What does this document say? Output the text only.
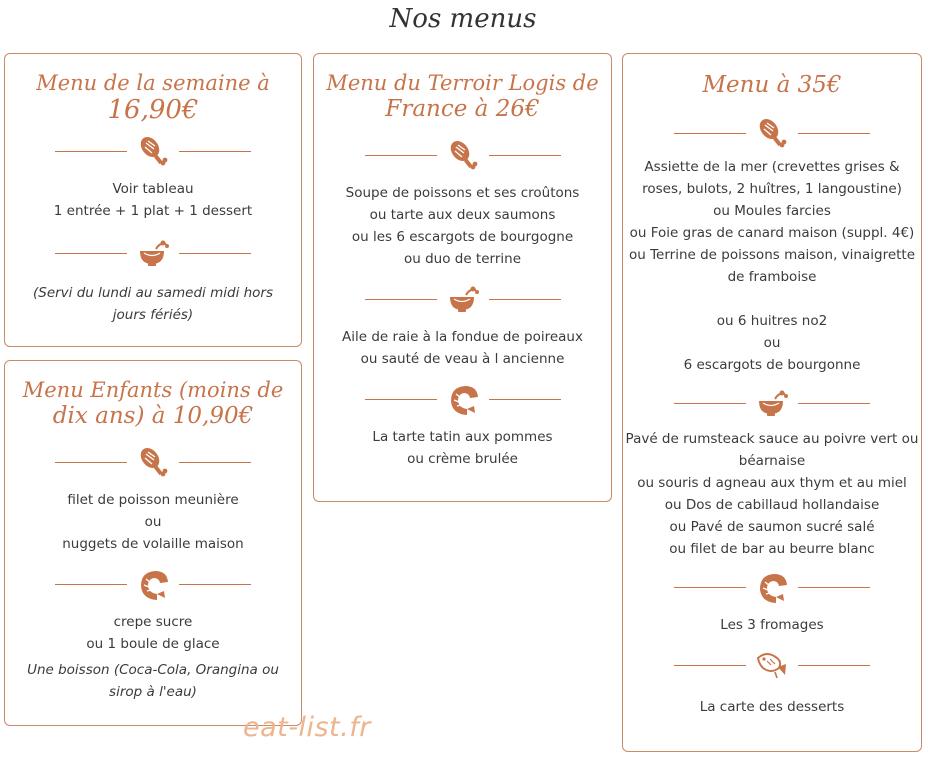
Nos menus
Menu de la semaine à
16,90€
Voir tableau
1 entrée + 1 plat + 1 dessert
(Servi du lundi au samedi midi hors jours fériés)
Menu Enfants (moins de
dix ans) à 10,90€
filet de poisson meunière
ou
nuggets de volaille maison
crepe sucre
ou 1 boule de glace
Une boisson (Coca-Cola, Orangina ou sirop à l'eau)
Menu du Terroir Logis de
France à 26€
Soupe de poissons et ses croûtons
ou tarte aux deux saumons
ou les 6 escargots de bourgogne
ou duo de terrine
Aile de raie à la fondue de poireaux
ou sauté de veau à l ancienne
La tarte tatin aux pommes
ou crème brulée
Menu à 35€
Assiette de la mer (crevettes grises &
roses, bulots, 2 huîtres, 1 langoustine)
ou Moules farcies
ou Foie gras de canard maison (suppl. 4€)
ou Terrine de poissons maison, vinaigrette
de framboise
ou 6 huitres no2
ou
6 escargots de bourgonne
Pavé de rumsteack sauce au poivre vert ou
béarnaise
ou souris d agneau aux thym et au miel
ou Dos de cabillaud hollandaise
ou Pavé de saumon sucré salé
ou filet de bar au beurre blanc
Les 3 fromages
La carte des desserts
eat-list.fr
